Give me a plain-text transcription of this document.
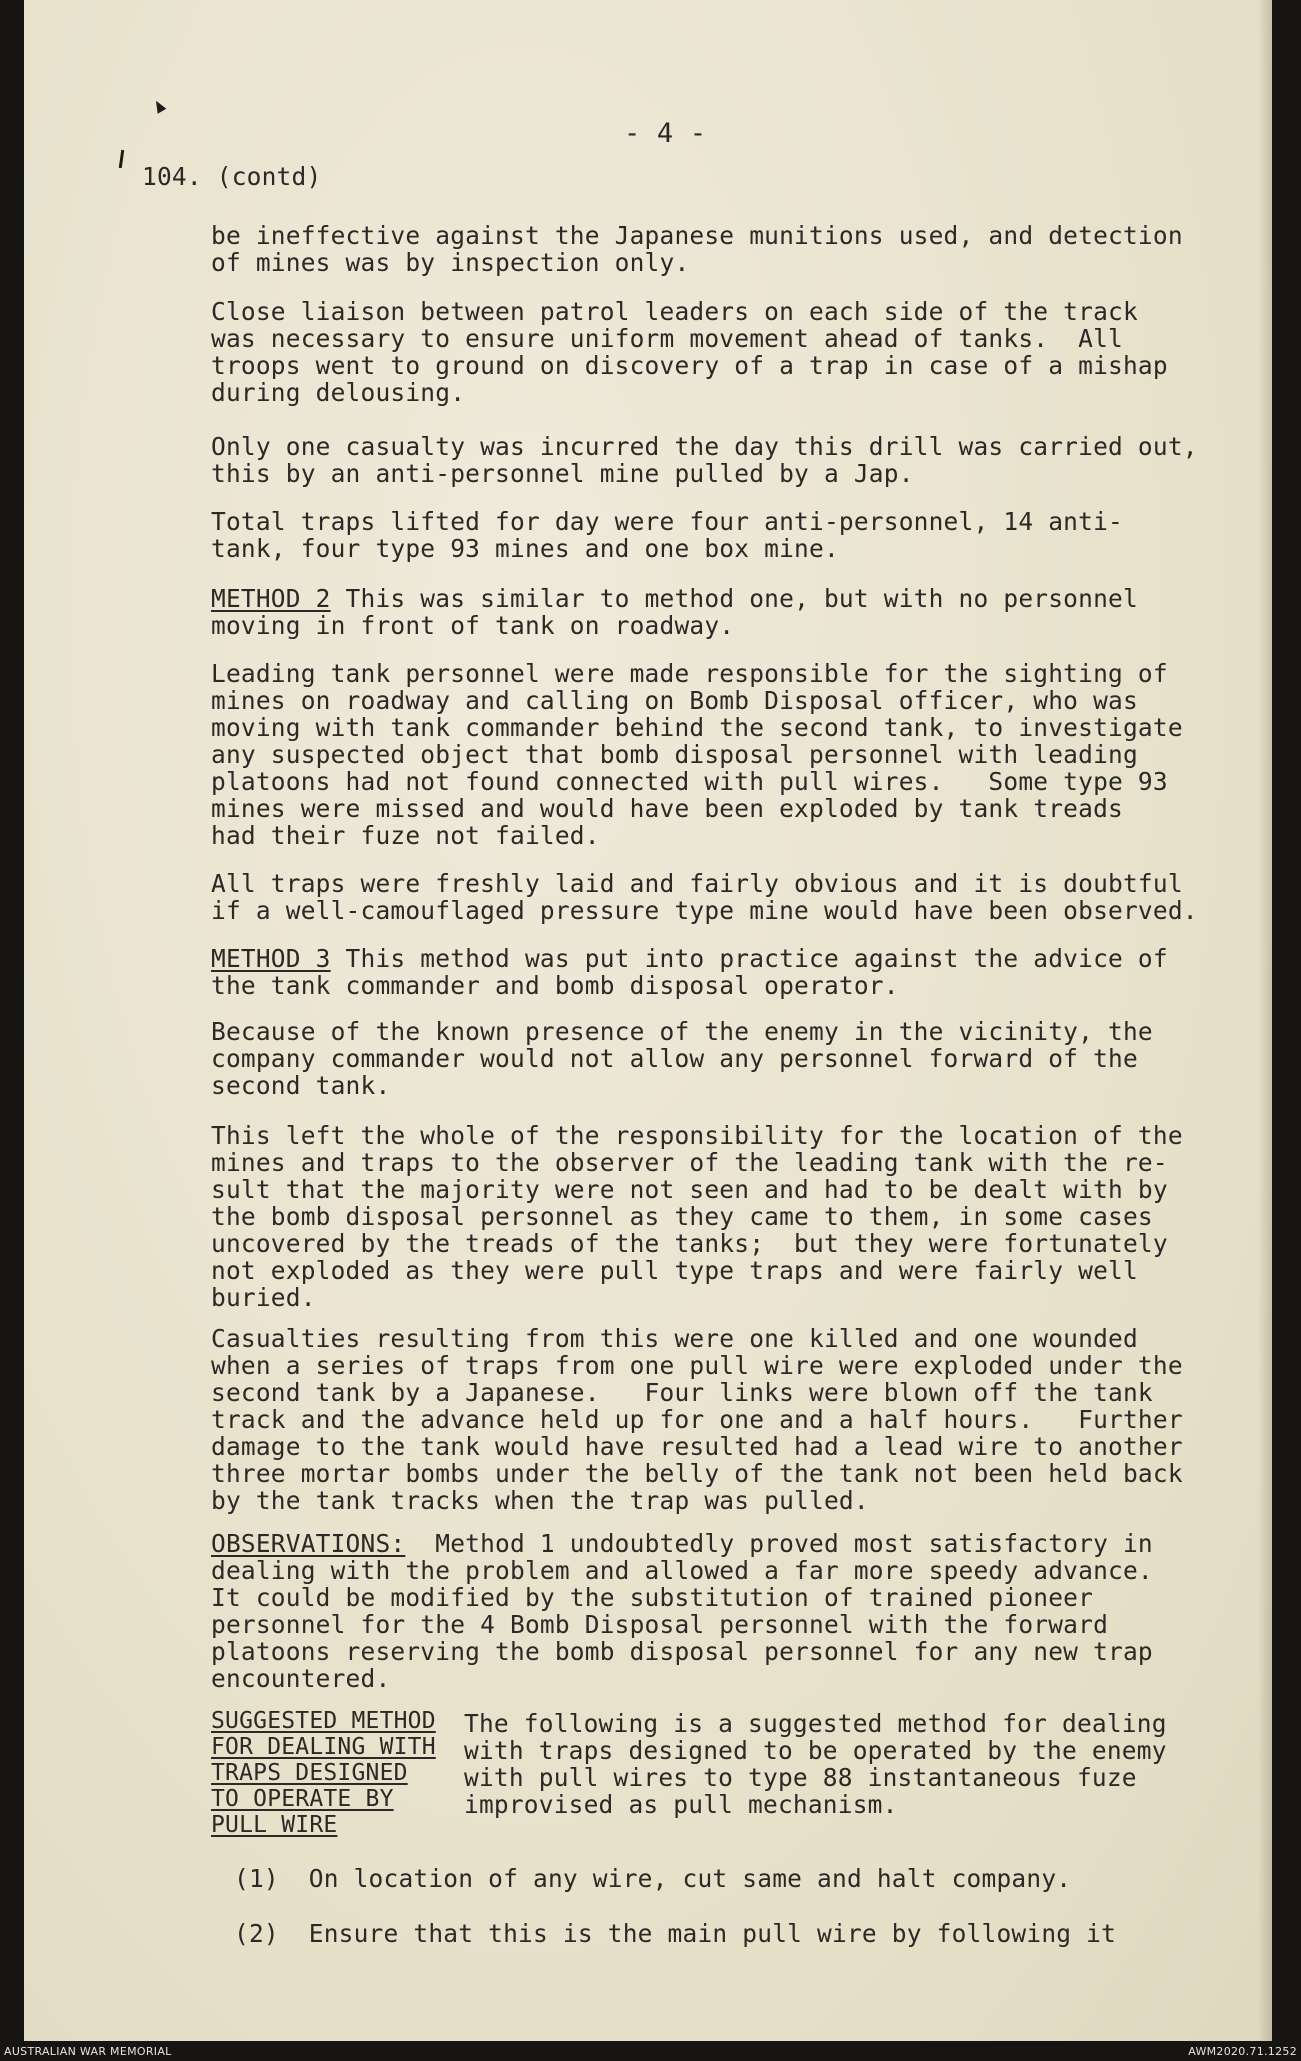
- 4 -
104. (contd)
be ineffective against the Japanese munitions used, and detection
of mines was by inspection only.
Close liaison between patrol leaders on each side of the track
was necessary to ensure uniform movement ahead of tanks.  All
troops went to ground on discovery of a trap in case of a mishap
during delousing.
Only one casualty was incurred the day this drill was carried out,
this by an anti-personnel mine pulled by a Jap.
Total traps lifted for day were four anti-personnel, 14 anti-
tank, four type 93 mines and one box mine.
METHOD 2 This was similar to method one, but with no personnel
moving in front of tank on roadway.
Leading tank personnel were made responsible for the sighting of
mines on roadway and calling on Bomb Disposal officer, who was
moving with tank commander behind the second tank, to investigate
any suspected object that bomb disposal personnel with leading
platoons had not found connected with pull wires.   Some type 93
mines were missed and would have been exploded by tank treads
had their fuze not failed.
All traps were freshly laid and fairly obvious and it is doubtful
if a well-camouflaged pressure type mine would have been observed.
METHOD 3 This method was put into practice against the advice of
the tank commander and bomb disposal operator.
Because of the known presence of the enemy in the vicinity, the
company commander would not allow any personnel forward of the
second tank.
This left the whole of the responsibility for the location of the
mines and traps to the observer of the leading tank with the re-
sult that the majority were not seen and had to be dealt with by
the bomb disposal personnel as they came to them, in some cases
uncovered by the treads of the tanks;  but they were fortunately
not exploded as they were pull type traps and were fairly well
buried.
Casualties resulting from this were one killed and one wounded
when a series of traps from one pull wire were exploded under the
second tank by a Japanese.   Four links were blown off the tank
track and the advance held up for one and a half hours.   Further
damage to the tank would have resulted had a lead wire to another
three mortar bombs under the belly of the tank not been held back
by the tank tracks when the trap was pulled.
OBSERVATIONS:  Method 1 undoubtedly proved most satisfactory in
dealing with the problem and allowed a far more speedy advance.
It could be modified by the substitution of trained pioneer
personnel for the 4 Bomb Disposal personnel with the forward
platoons reserving the bomb disposal personnel for any new trap
encountered.
SUGGESTED METHOD
FOR DEALING WITH
TRAPS DESIGNED
TO OPERATE BY
PULL WIRE
The following is a suggested method for dealing
with traps designed to be operated by the enemy
with pull wires to type 88 instantaneous fuze
improvised as pull mechanism.
(1)  On location of any wire, cut same and halt company.
(2)  Ensure that this is the main pull wire by following it
AUSTRALIAN WAR MEMORIAL	AWM2020.71.1252
